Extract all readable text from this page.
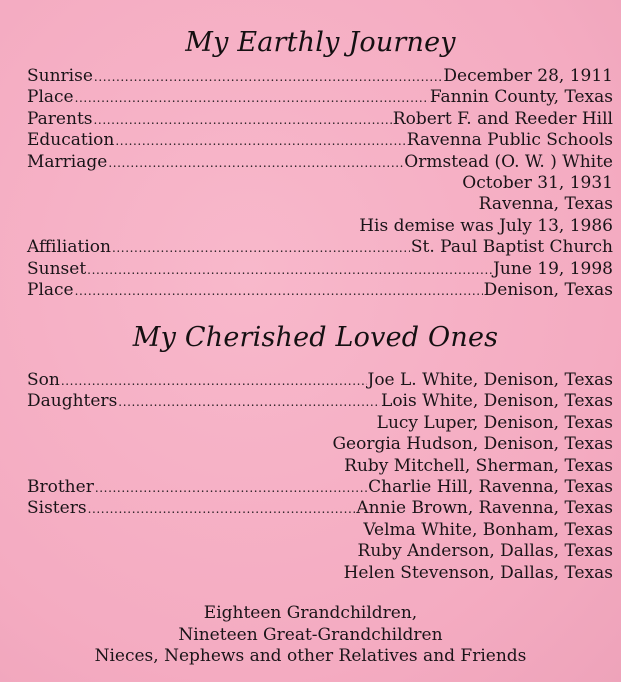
My Earthly Journey
Sunrise .....	December 28, 1911
Place .....	Fannin County, Texas
Parents .....	Robert F. and Reeder Hill
Education .....	Ravenna Public Schools
Marriage .....	Ormstead (O. W. ) White
October 31, 1931
Ravenna, Texas
His demise was July 13, 1986
Affiliation .....	St. Paul Baptist Church
Sunset .....	June 19, 1998
Place .....	Denison, Texas
My Cherished Loved Ones
Son .....	Joe L. White, Denison, Texas
Daughters .....	Lois White, Denison, Texas
Lucy Luper, Denison, Texas
Georgia Hudson, Denison, Texas
Ruby Mitchell, Sherman, Texas
Brother .....	Charlie Hill, Ravenna, Texas
Sisters .....	Annie Brown, Ravenna, Texas
Velma White, Bonham, Texas
Ruby Anderson, Dallas, Texas
Helen Stevenson, Dallas, Texas
Eighteen Grandchildren,
Nineteen Great-Grandchildren
Nieces, Nephews and other Relatives and Friends
